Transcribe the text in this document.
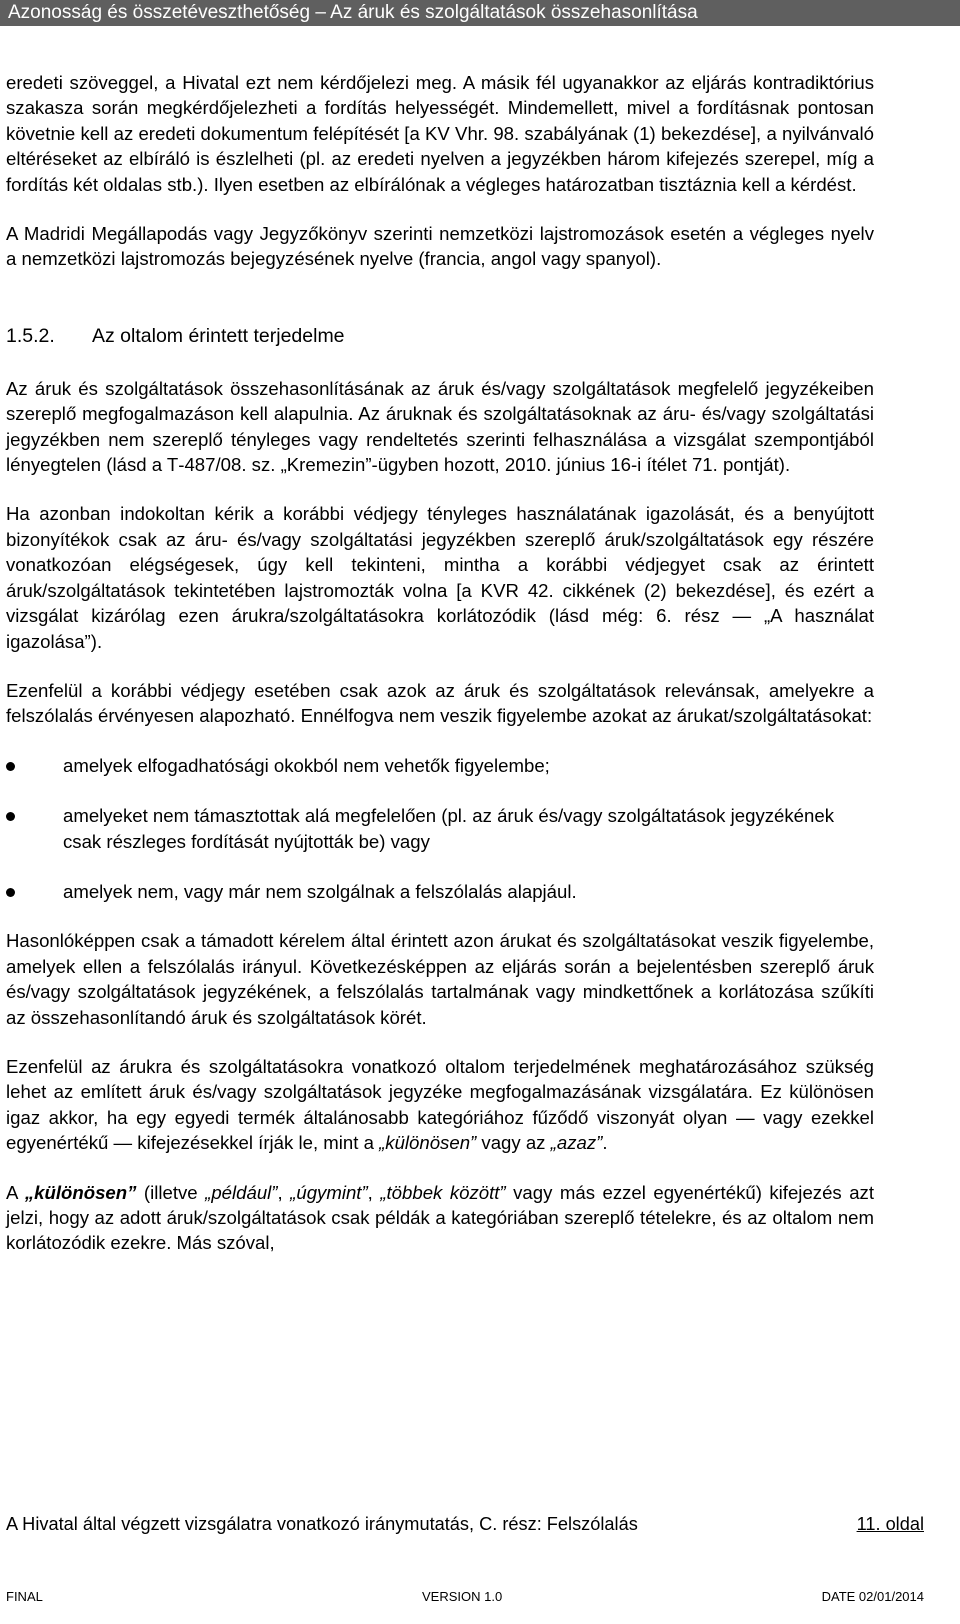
Azonosság és összetéveszthetőség – Az áruk és szolgáltatások összehasonlítása

eredeti szöveggel, a Hivatal ezt nem kérdőjelezi meg. A másik fél ugyanakkor az eljárás kontradiktórius szakasza során megkérdőjelezheti a fordítás helyességét. Mindemellett, mivel a fordításnak pontosan követnie kell az eredeti dokumentum felépítését [a KV Vhr. 98. szabályának (1) bekezdése], a nyilvánvaló eltéréseket az elbíráló is észlelheti (pl. az eredeti nyelven a jegyzékben három kifejezés szerepel, míg a fordítás két oldalas stb.). Ilyen esetben az elbírálónak a végleges határozatban tisztáznia kell a kérdést.

A Madridi Megállapodás vagy Jegyzőkönyv szerinti nemzetközi lajstromozások esetén a végleges nyelv a nemzetközi lajstromozás bejegyzésének nyelve (francia, angol vagy spanyol).

1.5.2.	Az oltalom érintett terjedelme

Az áruk és szolgáltatások összehasonlításának az áruk és/vagy szolgáltatások megfelelő jegyzékeiben szereplő megfogalmazáson kell alapulnia. Az áruknak és szolgáltatásoknak az áru- és/vagy szolgáltatási jegyzékben nem szereplő tényleges vagy rendeltetés szerinti felhasználása a vizsgálat szempontjából lényegtelen (lásd a T‑487/08. sz. „Kremezin”-ügyben hozott, 2010. június 16-i ítélet 71. pontját).

Ha azonban indokoltan kérik a korábbi védjegy tényleges használatának igazolását, és a benyújtott bizonyítékok csak az áru- és/vagy szolgáltatási jegyzékben szereplő áruk/szolgáltatások egy részére vonatkozóan elégségesek, úgy kell tekinteni, mintha a korábbi védjegyet csak az érintett áruk/szolgáltatások tekintetében lajstromozták volna [a KVR 42. cikkének (2) bekezdése], és ezért a vizsgálat kizárólag ezen árukra/szolgáltatásokra korlátozódik (lásd még: 6. rész — „A használat igazolása”).

Ezenfelül a korábbi védjegy esetében csak azok az áruk és szolgáltatások relevánsak, amelyekre a felszólalás érvényesen alapozható. Ennélfogva nem veszik figyelembe azokat az árukat/szolgáltatásokat:

amelyek elfogadhatósági okokból nem vehetők figyelembe;
amelyeket nem támasztottak alá megfelelően (pl. az áruk és/vagy szolgáltatások jegyzékének csak részleges fordítását nyújtották be) vagy
amelyek nem, vagy már nem szolgálnak a felszólalás alapjául.

Hasonlóképpen csak a támadott kérelem által érintett azon árukat és szolgáltatásokat veszik figyelembe, amelyek ellen a felszólalás irányul. Következésképpen az eljárás során a bejelentésben szereplő áruk és/vagy szolgáltatások jegyzékének, a felszólalás tartalmának vagy mindkettőnek a korlátozása szűkíti az összehasonlítandó áruk és szolgáltatások körét.

Ezenfelül az árukra és szolgáltatásokra vonatkozó oltalom terjedelmének meghatározásához szükség lehet az említett áruk és/vagy szolgáltatások jegyzéke megfogalmazásának vizsgálatára. Ez különösen igaz akkor, ha egy egyedi termék általánosabb kategóriához fűződő viszonyát olyan — vagy ezekkel egyenértékű — kifejezésekkel írják le, mint a „különösen” vagy az „azaz”.

A „különösen” (illetve „például”, „úgymint”, „többek között” vagy más ezzel egyenértékű) kifejezés azt jelzi, hogy az adott áruk/szolgáltatások csak példák a kategóriában szereplő tételekre, és az oltalom nem korlátozódik ezekre. Más szóval,

A Hivatal által végzett vizsgálatra vonatkozó iránymutatás, C. rész: Felszólalás	11. oldal
FINAL	VERSION 1.0	DATE 02/01/2014
